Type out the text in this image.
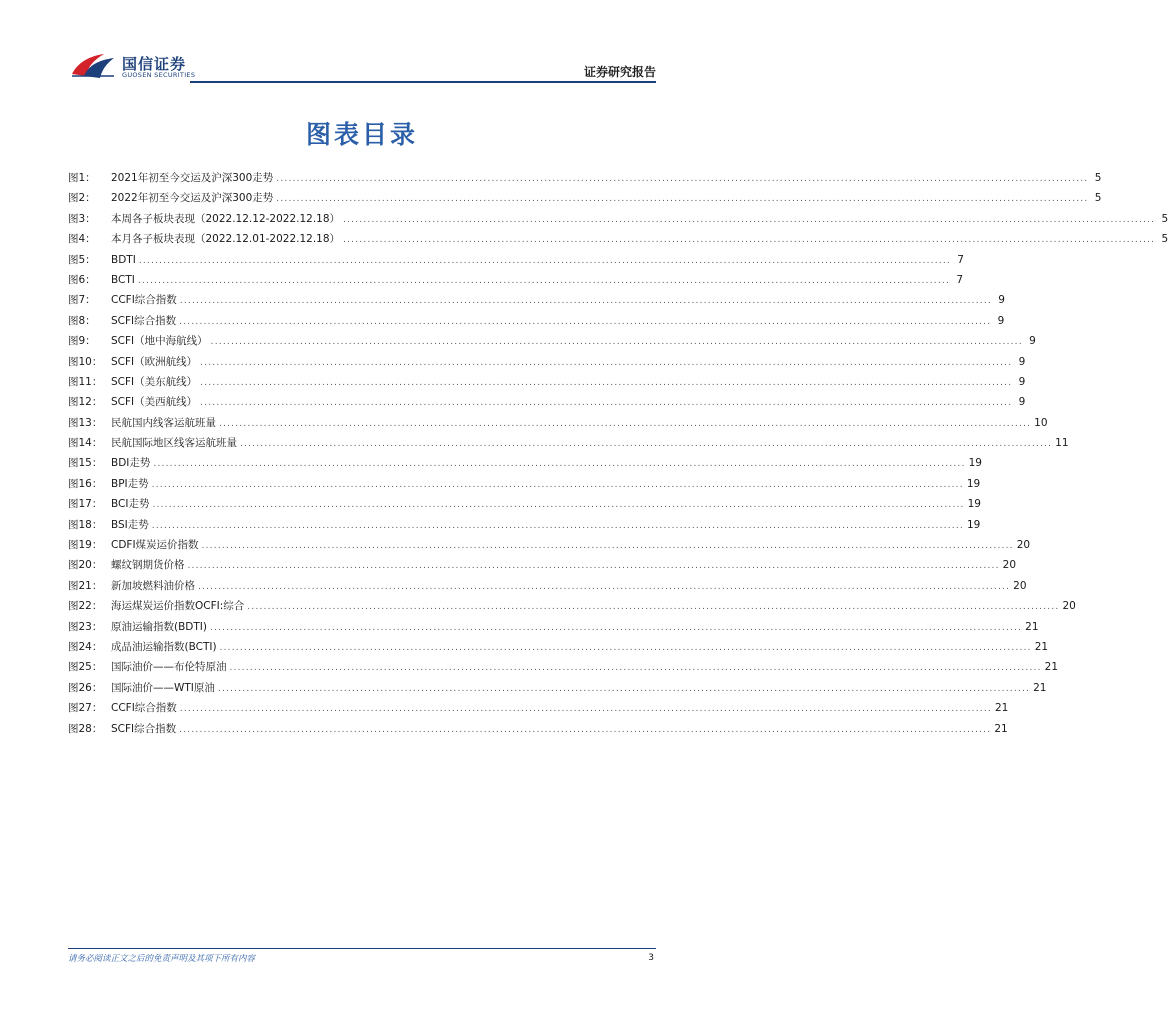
国信证券
GUOSEN SECURITIES	证券研究报告
图表目录
图1：	2021年初至今交运及沪深300走势 ........................................................................................................................................................................................................ 5
图2：	2022年初至今交运及沪深300走势 ........................................................................................................................................................................................................ 5
图3：	本周各子板块表现（2022.12.12-2022.12.18） ........................................................................................................................................................................................................ 5
图4：	本月各子板块表现（2022.12.01-2022.12.18） ........................................................................................................................................................................................................ 5
图5：	BDTI ........................................................................................................................................................................................................ 7
图6：	BCTI ........................................................................................................................................................................................................ 7
图7：	CCFI综合指数 ........................................................................................................................................................................................................ 9
图8：	SCFI综合指数 ........................................................................................................................................................................................................ 9
图9：	SCFI（地中海航线） ........................................................................................................................................................................................................ 9
图10： SCFI（欧洲航线） ........................................................................................................................................................................................................ 9
图11： SCFI（美东航线） ........................................................................................................................................................................................................ 9
图12： SCFI（美西航线） ........................................................................................................................................................................................................ 9
图13： 民航国内线客运航班量 ........................................................................................................................................................................................................ 10
图14： 民航国际地区线客运航班量 ........................................................................................................................................................................................................ 11
图15： BDI走势 ........................................................................................................................................................................................................ 19
图16： BPI走势 ........................................................................................................................................................................................................ 19
图17： BCI走势 ........................................................................................................................................................................................................ 19
图18： BSI走势 ........................................................................................................................................................................................................ 19
图19： CDFI煤炭运价指数 ........................................................................................................................................................................................................ 20
图20： 螺纹钢期货价格 ........................................................................................................................................................................................................ 20
图21： 新加坡燃料油价格 ........................................................................................................................................................................................................ 20
图22： 海运煤炭运价指数OCFI:综合 ........................................................................................................................................................................................................ 20
图23： 原油运输指数(BDTI) ........................................................................................................................................................................................................ 21
图24： 成品油运输指数(BCTI) ........................................................................................................................................................................................................ 21
图25： 国际油价——布伦特原油 ........................................................................................................................................................................................................ 21
图26： 国际油价——WTI原油 ........................................................................................................................................................................................................ 21
图27： CCFI综合指数 ........................................................................................................................................................................................................ 21
图28： SCFI综合指数 ........................................................................................................................................................................................................ 21
请务必阅读正文之后的免责声明及其项下所有内容	3
